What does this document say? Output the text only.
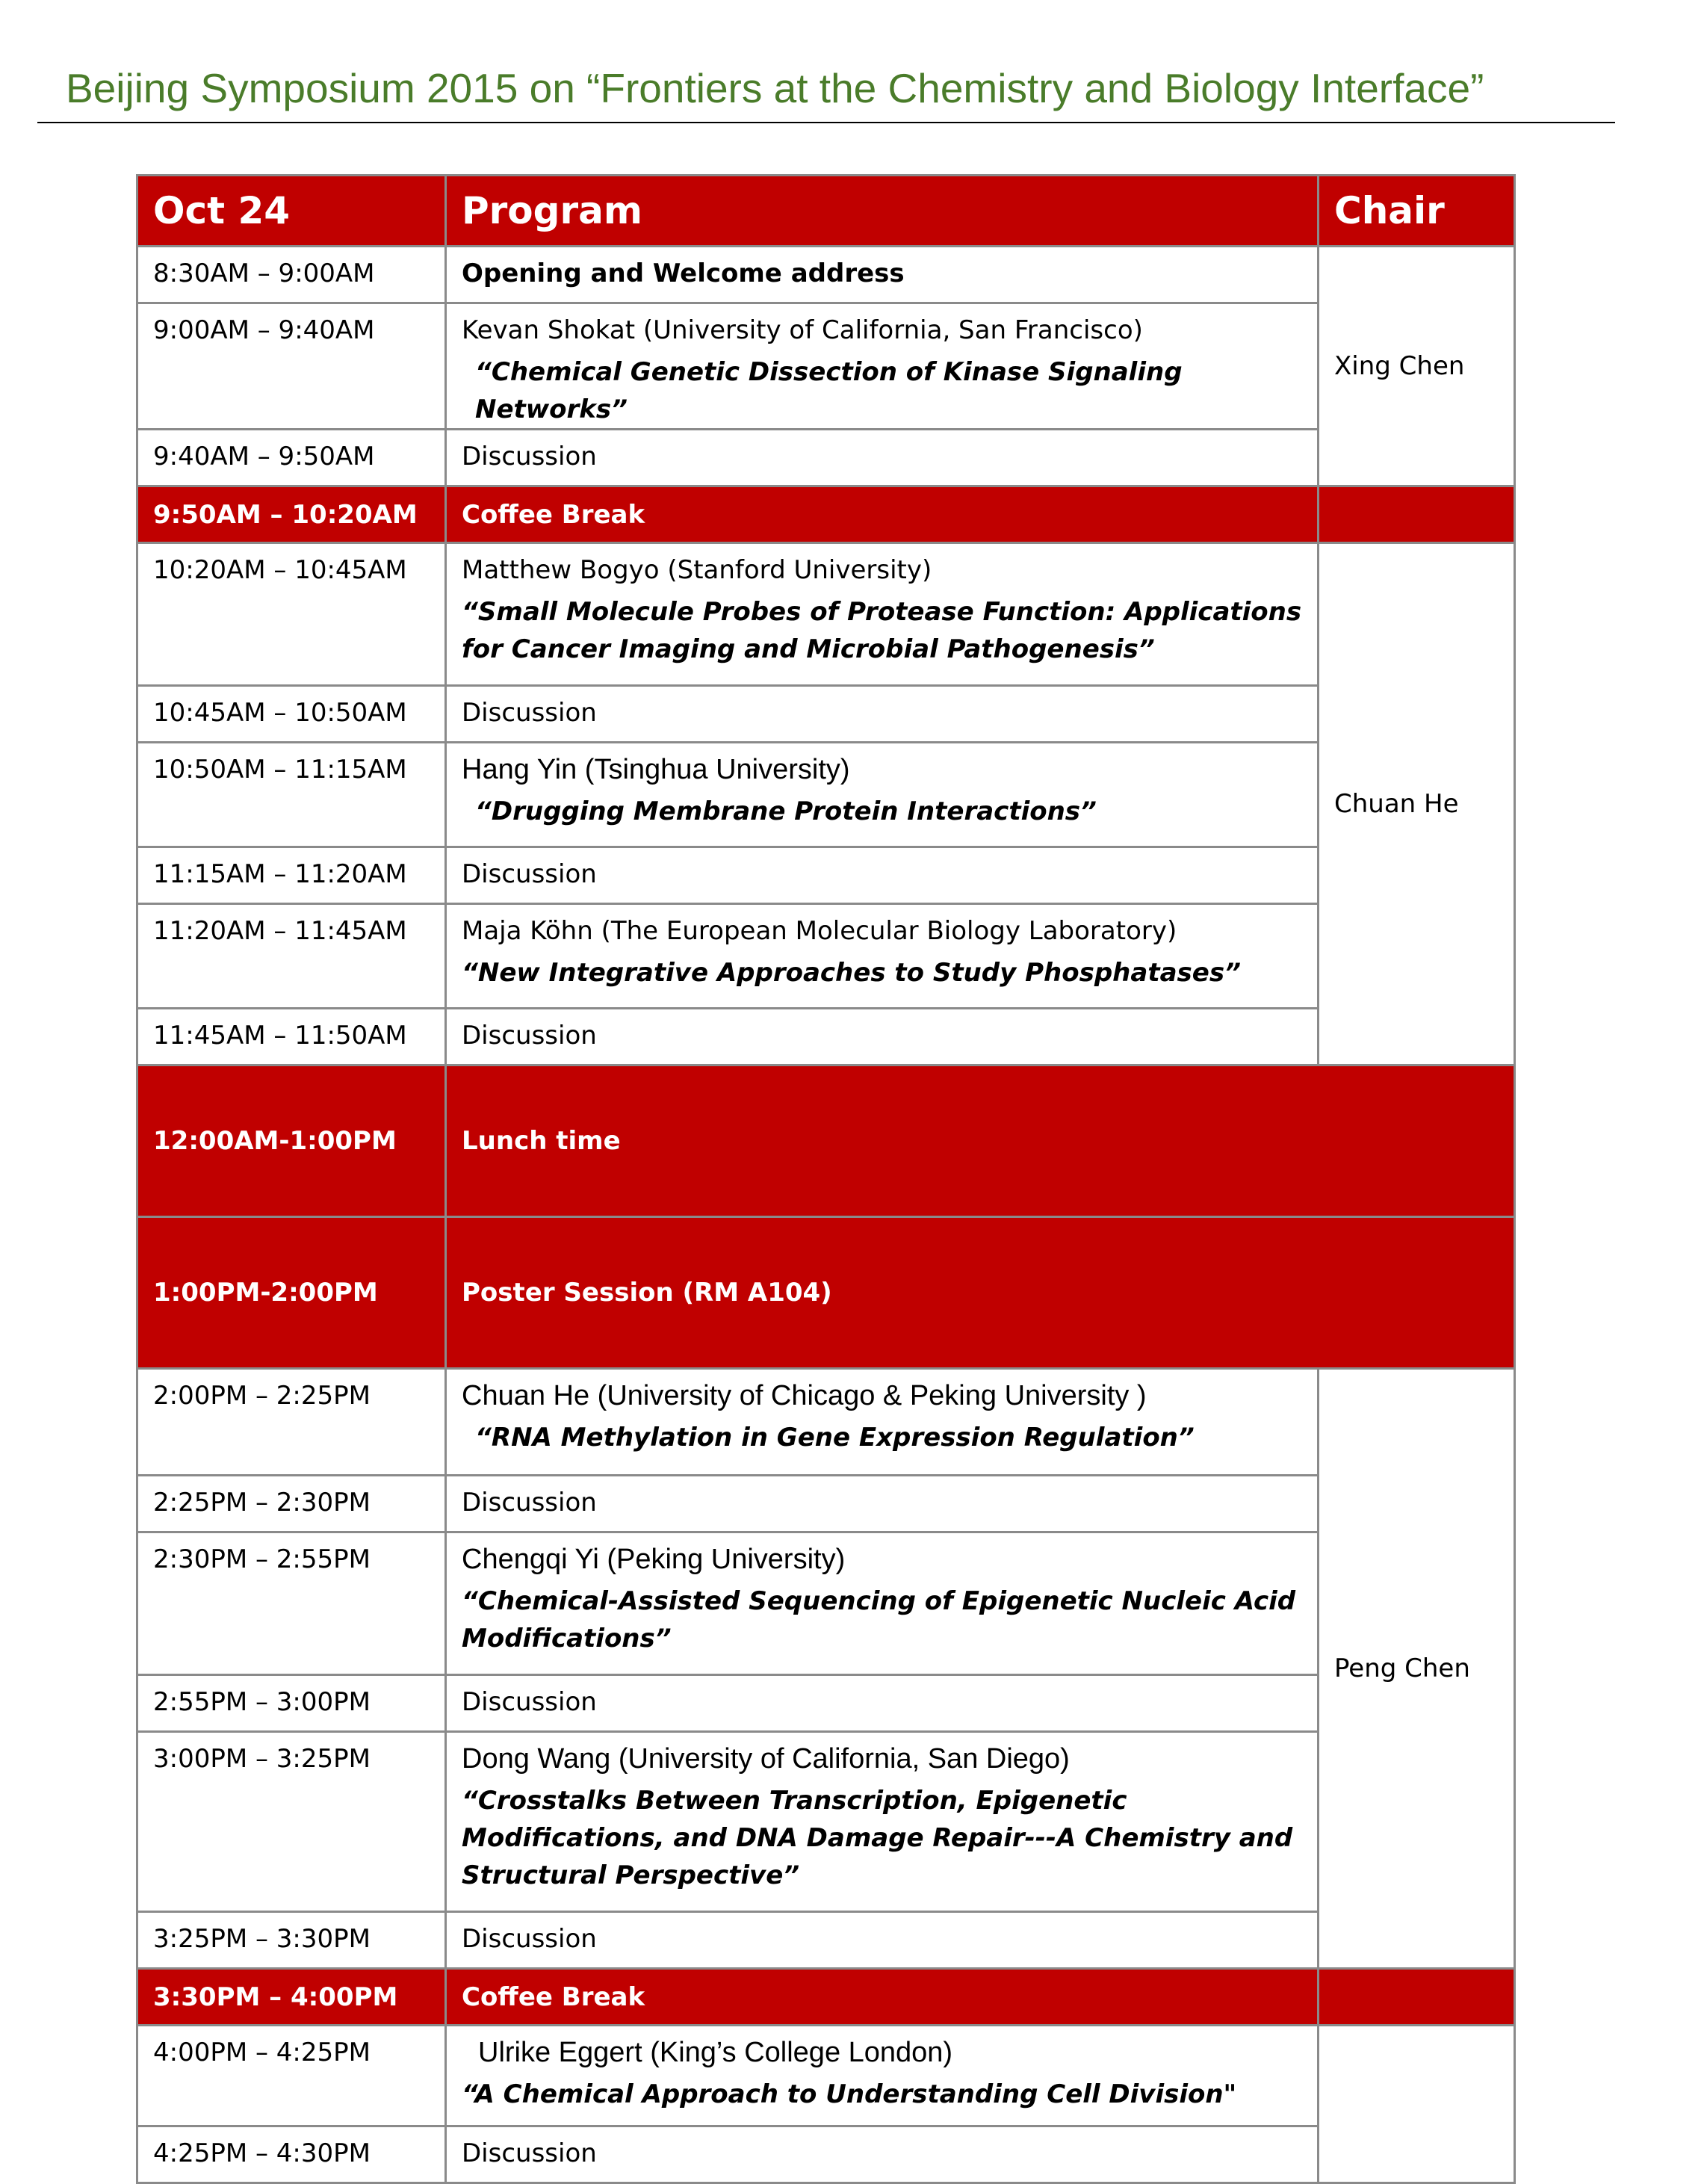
Beijing Symposium 2015 on “Frontiers at the Chemistry and Biology Interface”
Oct 24	Program	Chair
8:30AM – 9:00AM	Opening and Welcome address	Xing Chen
9:00AM – 9:40AM	Kevan Shokat (University of California, San Francisco)
“Chemical Genetic Dissection of Kinase Signaling Networks”	

9:40AM – 9:50AM	Discussion	
9:50AM – 10:20AM	Coffee Break	
10:20AM – 10:45AM	Matthew Bogyo (Stanford University)
“Small Molecule Probes of Protease Function: Applications for Cancer Imaging and Microbial Pathogenesis”	Chuan He
10:45AM – 10:50AM	Discussion	
10:50AM – 11:15AM	Hang Yin (Tsinghua University)
“Drugging Membrane Protein Interactions”	

11:15AM – 11:20AM	Discussion	
11:20AM – 11:45AM	Maja Köhn (The European Molecular Biology Laboratory)
“New Integrative Approaches to Study Phosphatases”	

11:45AM – 11:50AM	Discussion	
12:00AM-1:00PM	Lunch time	
1:00PM-2:00PM	Poster Session (RM A104)	
2:00PM – 2:25PM	Chuan He (University of Chicago & Peking University )
“RNA Methylation in Gene Expression Regulation”	Peng Chen
2:25PM – 2:30PM	Discussion	
2:30PM – 2:55PM	Chengqi Yi (Peking University)
“Chemical-Assisted Sequencing of Epigenetic Nucleic Acid Modifications”	

2:55PM – 3:00PM	Discussion	
3:00PM – 3:25PM	Dong Wang (University of California, San Diego)
“Crosstalks Between Transcription, Epigenetic Modifications, and DNA Damage Repair---A Chemistry and Structural Perspective”	

3:25PM – 3:30PM	Discussion	
3:30PM – 4:00PM	Coffee Break	
4:00PM – 4:25PM	Ulrike Eggert (King’s College London)
“A Chemical Approach to Understanding Cell Division"	

4:25PM – 4:30PM	Discussion	
